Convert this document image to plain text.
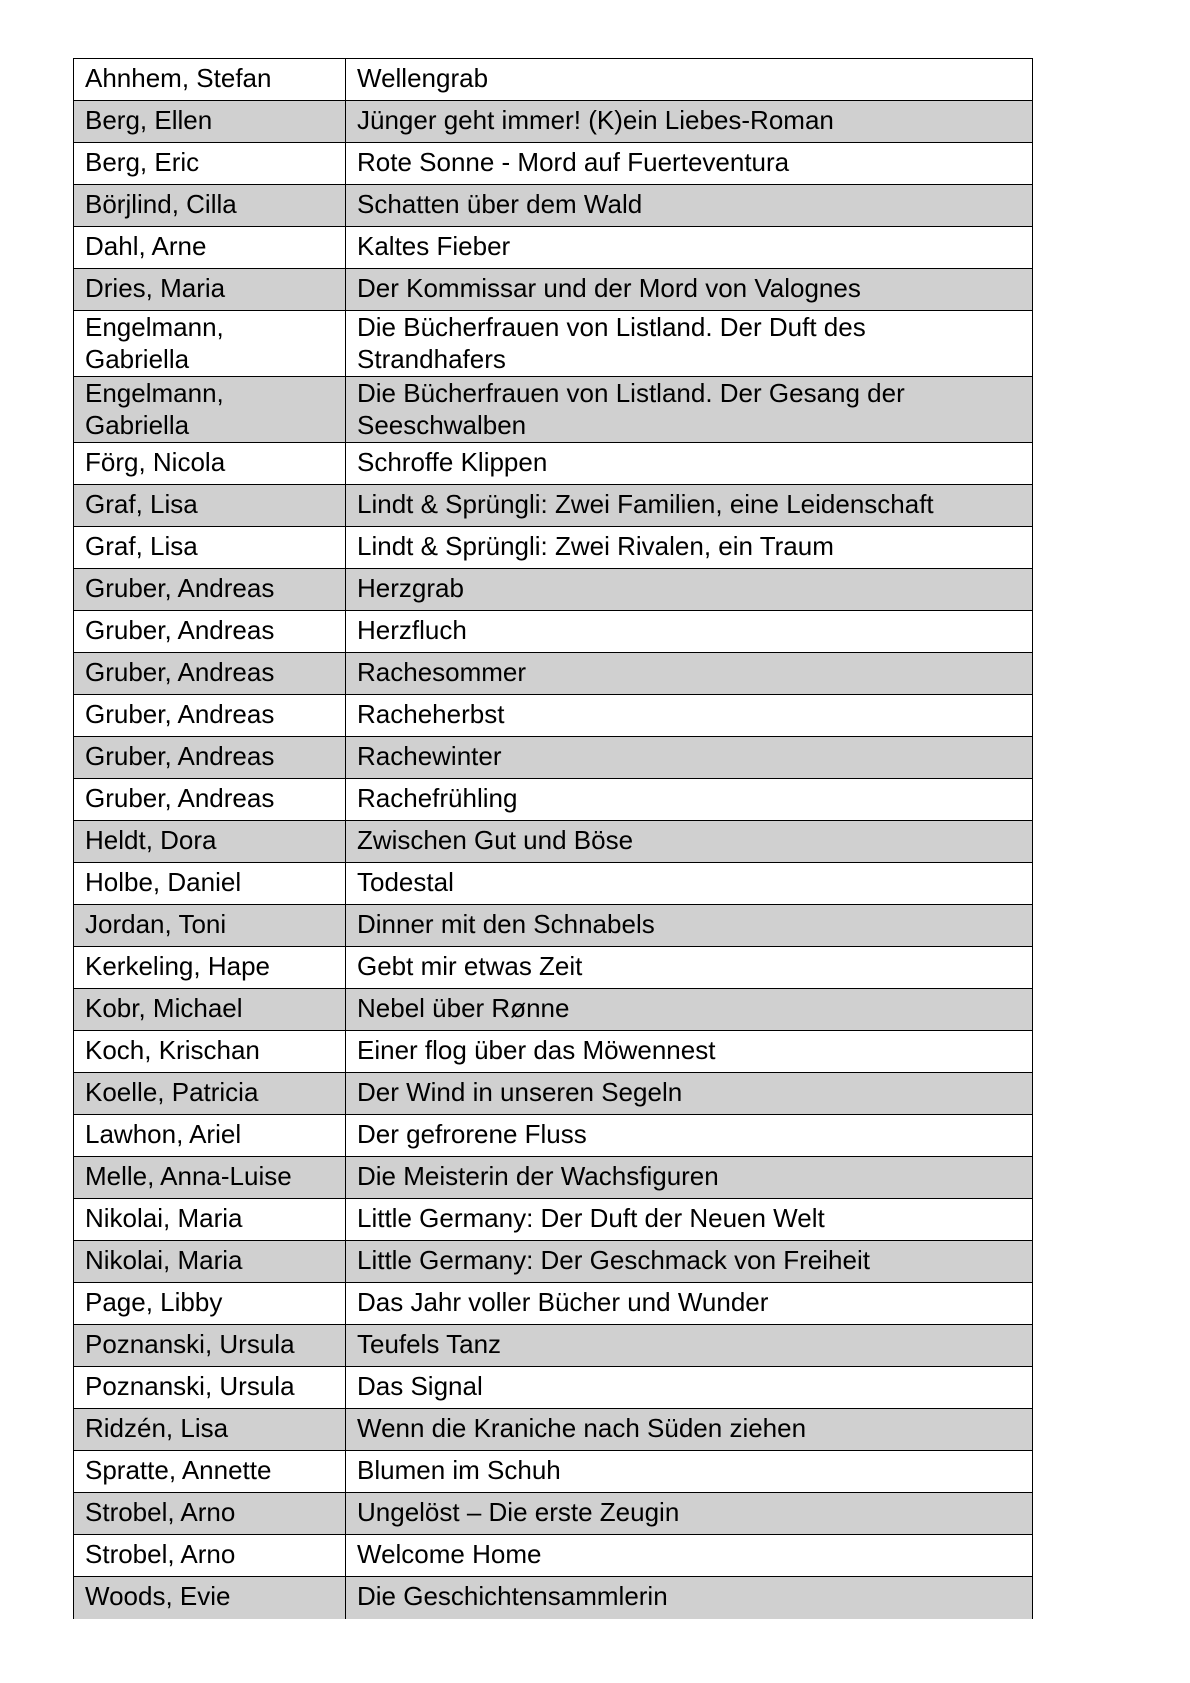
Ahnhem, Stefan	Wellengrab
Berg, Ellen	Jünger geht immer! (K)ein Liebes-Roman
Berg, Eric	Rote Sonne - Mord auf Fuerteventura
Börjlind, Cilla	Schatten über dem Wald
Dahl, Arne	Kaltes Fieber
Dries, Maria	Der Kommissar und der Mord von Valognes
Engelmann, Gabriella	Die Bücherfrauen von Listland. Der Duft des Strandhafers
Engelmann, Gabriella	Die Bücherfrauen von Listland. Der Gesang der Seeschwalben
Förg, Nicola	Schroffe Klippen
Graf, Lisa	Lindt & Sprüngli: Zwei Familien, eine Leidenschaft
Graf, Lisa	Lindt & Sprüngli: Zwei Rivalen, ein Traum
Gruber, Andreas	Herzgrab
Gruber, Andreas	Herzfluch
Gruber, Andreas	Rachesommer
Gruber, Andreas	Racheherbst
Gruber, Andreas	Rachewinter
Gruber, Andreas	Rachefrühling
Heldt, Dora	Zwischen Gut und Böse
Holbe, Daniel	Todestal
Jordan, Toni	Dinner mit den Schnabels
Kerkeling, Hape	Gebt mir etwas Zeit
Kobr, Michael	Nebel über Rønne
Koch, Krischan	Einer flog über das Möwennest
Koelle, Patricia	Der Wind in unseren Segeln
Lawhon, Ariel	Der gefrorene Fluss
Melle, Anna-Luise	Die Meisterin der Wachsfiguren
Nikolai, Maria	Little Germany: Der Duft der Neuen Welt
Nikolai, Maria	Little Germany: Der Geschmack von Freiheit
Page, Libby	Das Jahr voller Bücher und Wunder
Poznanski, Ursula	Teufels Tanz
Poznanski, Ursula	Das Signal
Ridzén, Lisa	Wenn die Kraniche nach Süden ziehen
Spratte, Annette	Blumen im Schuh
Strobel, Arno	Ungelöst – Die erste Zeugin
Strobel, Arno	Welcome Home
Woods, Evie	Die Geschichtensammlerin
